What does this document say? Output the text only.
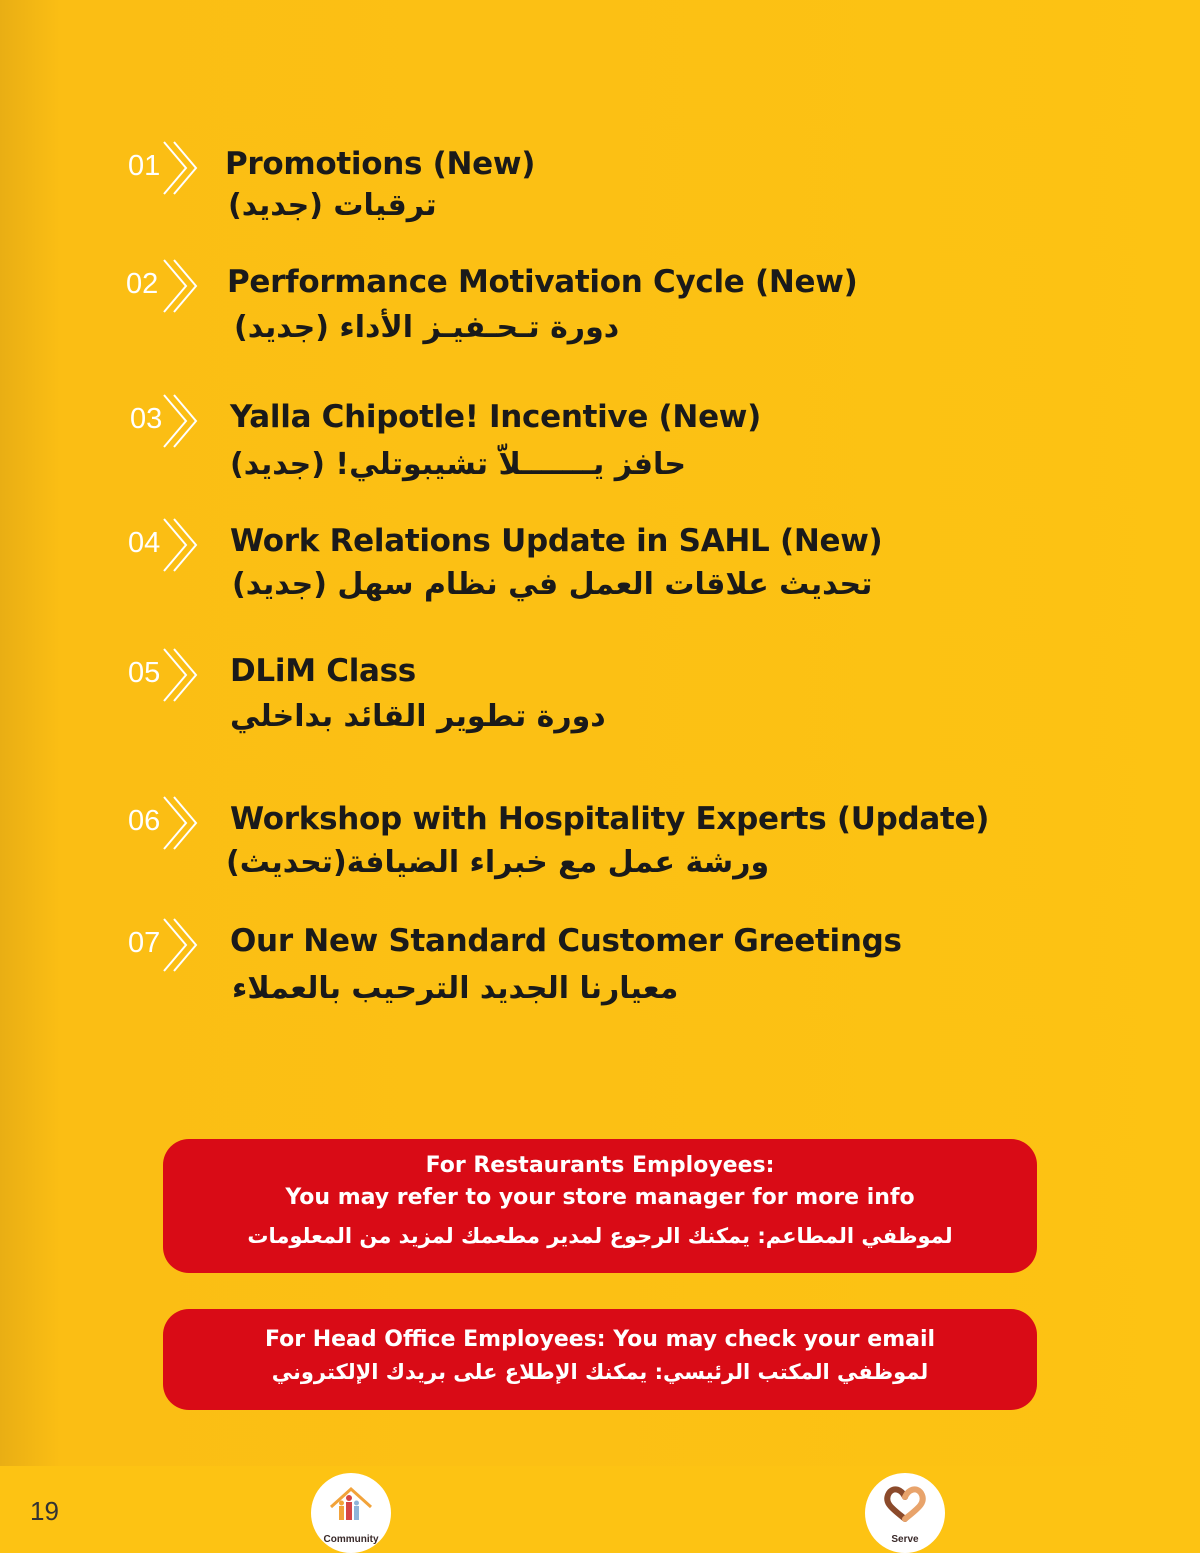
01 Promotions (New)
ترقيات (جديد)
02 Performance Motivation Cycle (New)
دورة تـحـفيـز الأداء (جديد)
03 Yalla Chipotle! Incentive (New)
حافز يـــــــلاّ تشيبوتلي! (جديد)
04 Work Relations Update in SAHL (New)
تحديث علاقات العمل في نظام سهل (جديد)
05 DLiM Class
دورة تطوير القائد بداخلي
06 Workshop with Hospitality Experts (Update)
ورشة عمل مع خبراء الضيافة(تحديث)
07 Our New Standard Customer Greetings
معيارنا الجديد الترحيب بالعملاء
For Restaurants Employees:
You may refer to your store manager for more info
لموظفي المطاعم: يمكنك الرجوع لمدير مطعمك لمزيد من المعلومات
For Head Office Employees: You may check your email
لموظفي المكتب الرئيسي: يمكنك الإطلاع على بريدك الإلكتروني
19
Community	Serve
